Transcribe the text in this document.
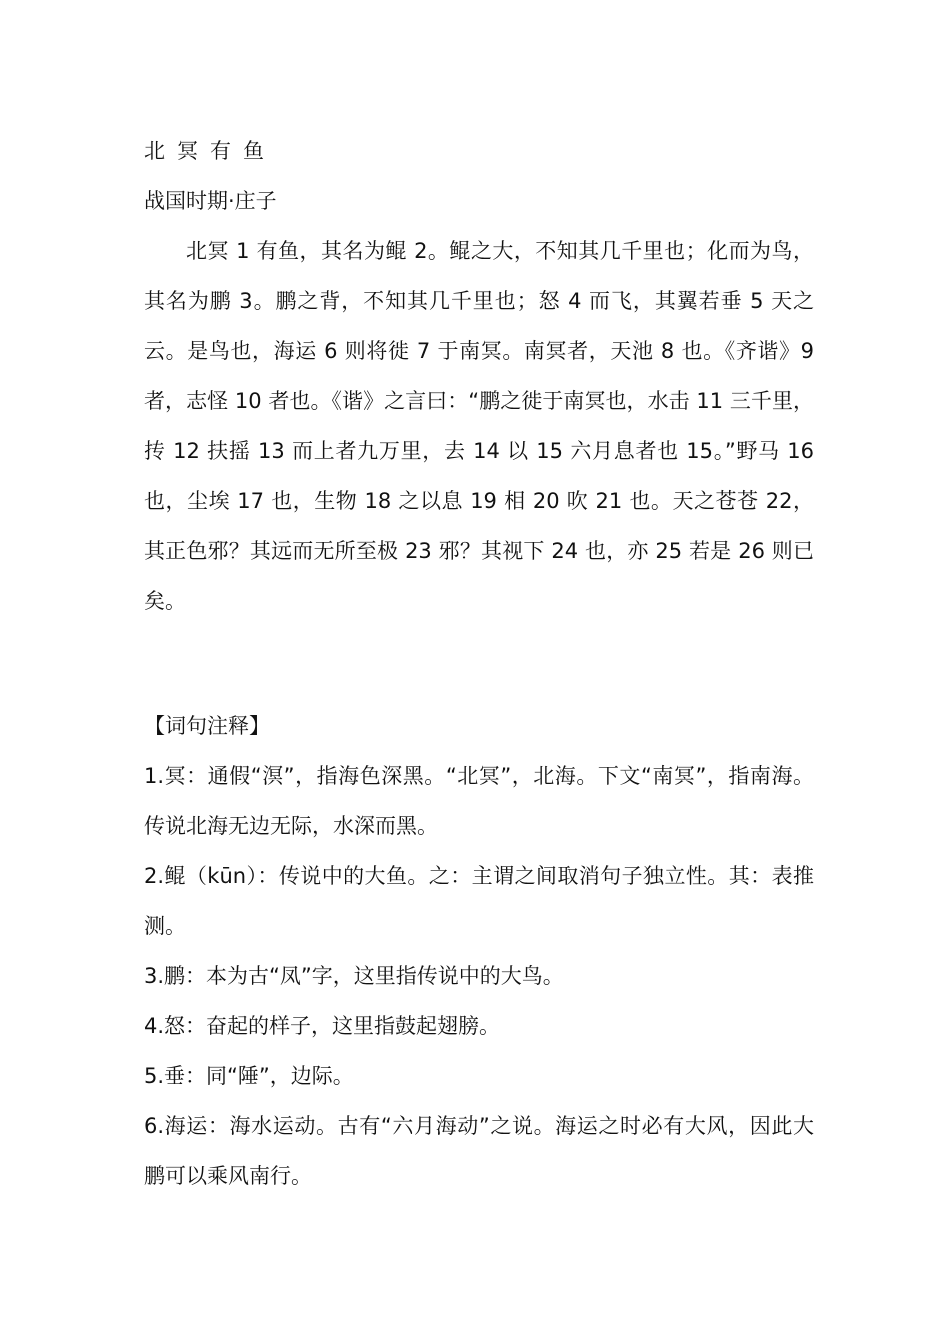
北冥有鱼

战国时期·庄子

北冥 1 有鱼，其名为鲲 2。鲲之大，不知其几千里也；化而为鸟，其名为鹏 3。鹏之背，不知其几千里也；怒 4 而飞，其翼若垂 5 天之云。是鸟也，海运 6 则将徙 7 于南冥。南冥者，天池 8 也。《齐谐》9 者，志怪 10 者也。《谐》之言曰：“鹏之徙于南冥也，水击 11 三千里，抟 12 扶摇 13 而上者九万里，去 14 以 15 六月息者也 15。”野马 16 也，尘埃 17 也，生物 18 之以息 19 相 20 吹 21 也。天之苍苍 22，其正色邪？其远而无所至极 23 邪？其视下 24 也，亦 25 若是 26 则已矣。

【词句注释】

1.冥：通假“溟”，指海色深黑。“北冥”，北海。下文“南冥”，指南海。传说北海无边无际，水深而黑。

2.鲲（kūn）：传说中的大鱼。之：主谓之间取消句子独立性。其：表推测。

3.鹏：本为古“凤”字，这里指传说中的大鸟。

4.怒：奋起的样子，这里指鼓起翅膀。

5.垂：同“陲”，边际。

6.海运：海水运动。古有“六月海动”之说。海运之时必有大风，因此大鹏可以乘风南行。
